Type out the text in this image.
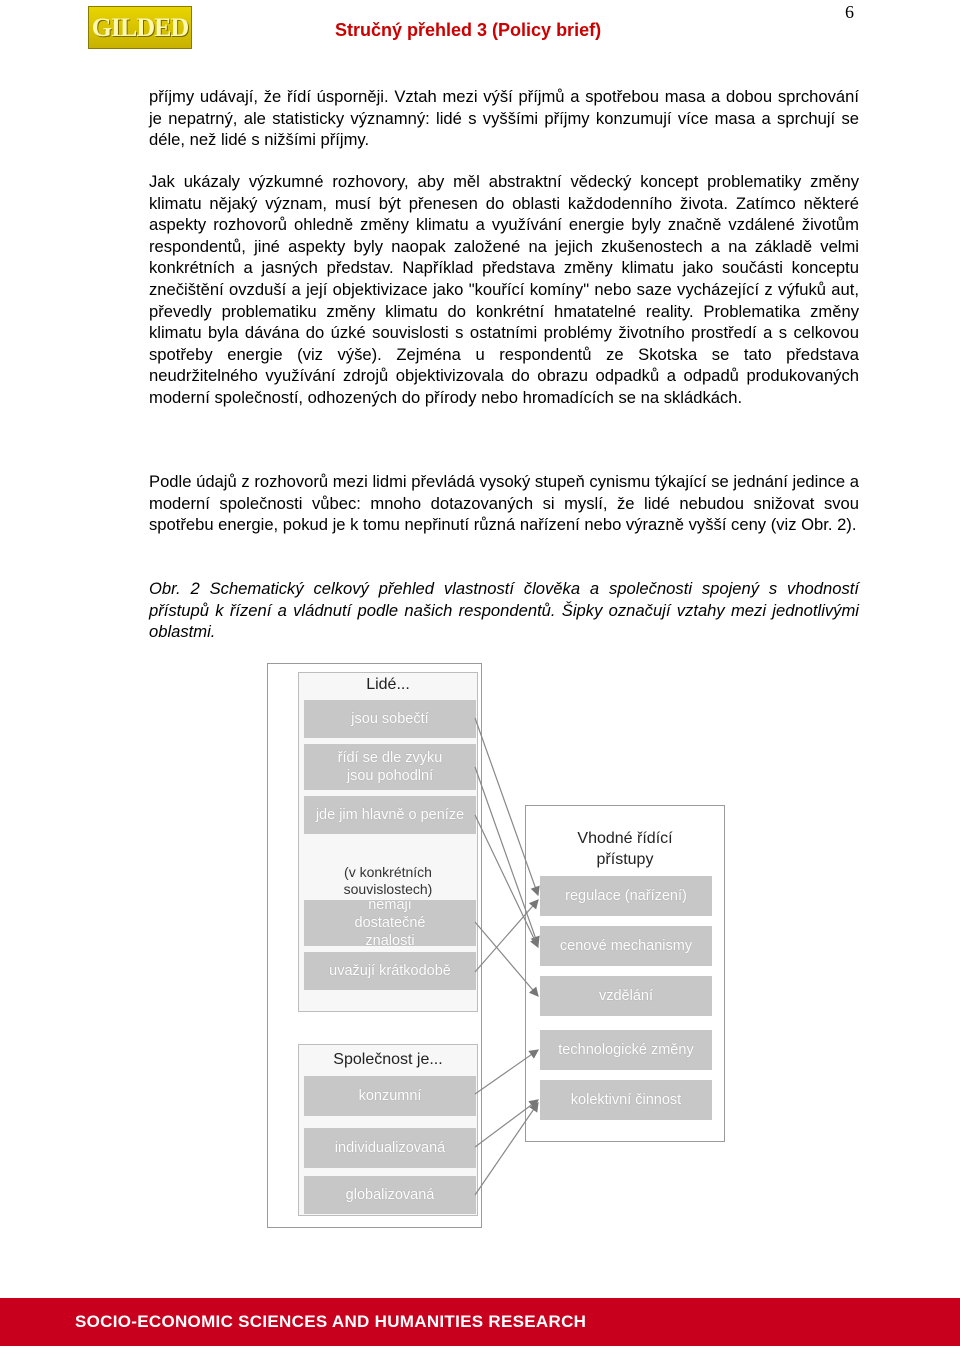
GILDED	Stručný přehled 3 (Policy brief)
6

příjmy udávají, že řídí úsporněji. Vztah mezi výší příjmů a spotřebou masa a dobou sprchování je nepatrný, ale statisticky významný: lidé s vyššími příjmy konzumují více masa a sprchují se déle, než lidé s nižšími příjmy.

Jak ukázaly výzkumné rozhovory, aby měl abstraktní vědecký koncept problematiky změny klimatu nějaký význam, musí být přenesen do oblasti každodenního života. Zatímco některé aspekty rozhovorů ohledně změny klimatu a využívání energie byly značně vzdálené životům respondentů, jiné aspekty byly naopak založené na jejich zkušenostech a na základě velmi konkrétních a jasných představ. Například představa změny klimatu jako součásti konceptu znečištění ovzduší a její objektivizace jako "kouřící komíny" nebo saze vycházející z výfuků aut, převedly problematiku změny klimatu do konkrétní hmatatelné reality. Problematika změny klimatu byla dávána do úzké souvislosti s ostatními problémy životního prostředí a s celkovou spotřeby energie (viz výše). Zejména u respondentů ze Skotska se tato představa neudržitelného využívání zdrojů objektivizovala do obrazu odpadků a odpadů produkovaných moderní společností, odhozených do přírody nebo hromadících se na skládkách.

Podle údajů z rozhovorů mezi lidmi převládá vysoký stupeň cynismu týkající se jednání jedince a moderní společnosti vůbec: mnoho dotazovaných si myslí, že lidé nebudou snižovat svou spotřebu energie, pokud je k tomu nepřinutí různá nařízení nebo výrazně vyšší ceny (viz Obr. 2).

Obr. 2 Schematický celkový přehled vlastností člověka a společnosti spojený s vhodností přístupů k řízení a vládnutí podle našich respondentů. Šipky označují vztahy mezi jednotlivými oblastmi.

Lidé...
jsou sobečtí
řídí se dle zvyku jsou pohodlní
jde jim hlavně o peníze
(v konkrétních souvislostech)
nemají dostatečné znalosti
uvažují krátkodobě
Společnost je...
konzumní
individualizovaná
globalizovaná
Vhodné řídící přístupy
regulace (nařízení)
cenové mechanismy
vzdělání
technologické změny
kolektivní činnost
SOCIO-ECONOMIC SCIENCES AND HUMANITIES RESEARCH
